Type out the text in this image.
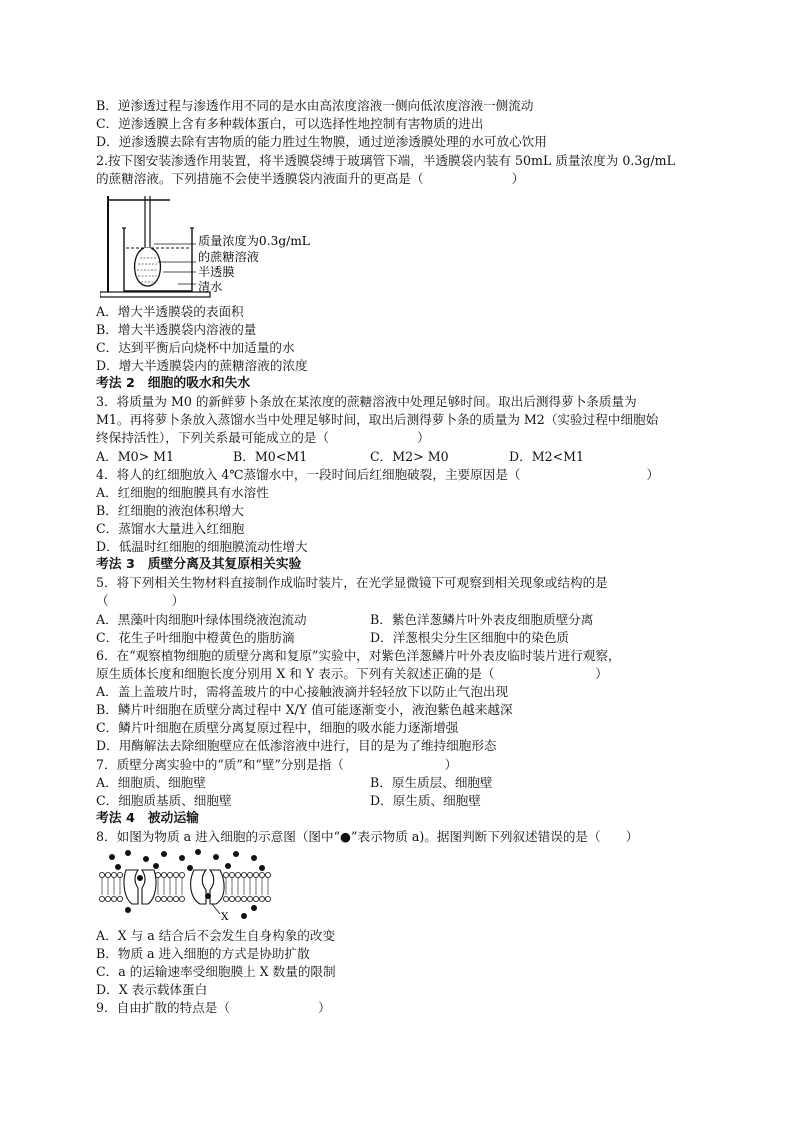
B．逆渗透过程与渗透作用不同的是水由高浓度溶液一侧向低浓度溶液一侧流动
C．逆渗透膜上含有多种载体蛋白，可以选择性地控制有害物质的进出
D．逆渗透膜去除有害物质的能力胜过生物膜，通过逆渗透膜处理的水可放心饮用
2.按下图安装渗透作用装置，将半透膜袋缚于玻璃管下端，半透膜袋内装有 50mL 质量浓度为 0.3g/mL
的蔗糖溶液。下列措施不会使半透膜袋内液面升的更高是（　　　　　　　）
质量浓度为0.3g/mL
的蔗糖溶液
半透膜
清水
A．增大半透膜袋的表面积
B．增大半透膜袋内溶液的量
C．达到平衡后向烧杯中加适量的水
D．增大半透膜袋内的蔗糖溶液的浓度
考法 2　细胞的吸水和失水
3．将质量为 M0 的新鲜萝卜条放在某浓度的蔗糖溶液中处理足够时间。取出后测得萝卜条质量为
M1。再将萝卜条放入蒸馏水当中处理足够时间，取出后测得萝卜条的质量为 M2（实验过程中细胞始
终保持活性），下列关系最可能成立的是（　　　　　　　）
A．M0> M1	B．M0<M1	C．M2> M0	D．M2<M1
4．将人的红细胞放入 4℃蒸馏水中，一段时间后红细胞破裂，主要原因是（　　　　　　　　　　）
A．红细胞的细胞膜具有水溶性
B．红细胞的液泡体积增大
C．蒸馏水大量进入红细胞
D．低温时红细胞的细胞膜流动性增大
考法 3　质壁分离及其复原相关实验
5．将下列相关生物材料直接制作成临时装片，在光学显微镜下可观察到相关现象或结构的是
（　　　　　）
A．黑藻叶肉细胞叶绿体围绕液泡流动	B．紫色洋葱鳞片叶外表皮细胞质壁分离
C．花生子叶细胞中橙黄色的脂肪滴	D．洋葱根尖分生区细胞中的染色质
6．在“观察植物细胞的质壁分离和复原”实验中，对紫色洋葱鳞片叶外表皮临时装片进行观察，
原生质体长度和细胞长度分别用 X 和 Y 表示。下列有关叙述正确的是（　　　　　　　　）
A．盖上盖玻片时，需将盖玻片的中心接触液滴并轻轻放下以防止气泡出现
B．鳞片叶细胞在质壁分离过程中 X/Y 值可能逐渐变小，液泡紫色越来越深
C．鳞片叶细胞在质壁分离复原过程中，细胞的吸水能力逐渐增强
D．用酶解法去除细胞壁应在低渗溶液中进行，目的是为了维持细胞形态
7．质壁分离实验中的“质”和“壁”分别是指（　　　　　　　　）
A．细胞质、细胞壁	B．原生质层、细胞壁
C．细胞质基质、细胞壁	D．原生质、细胞壁
考法 4　被动运输
8．如图为物质 a 进入细胞的示意图（图中“●”表示物质 a)。据图判断下列叙述错误的是（　　）
X
A．X 与 a 结合后不会发生自身构象的改变
B．物质 a 进入细胞的方式是协助扩散
C．a 的运输速率受细胞膜上 X 数量的限制
D．X 表示载体蛋白
9．自由扩散的特点是（　　　　　　　）
